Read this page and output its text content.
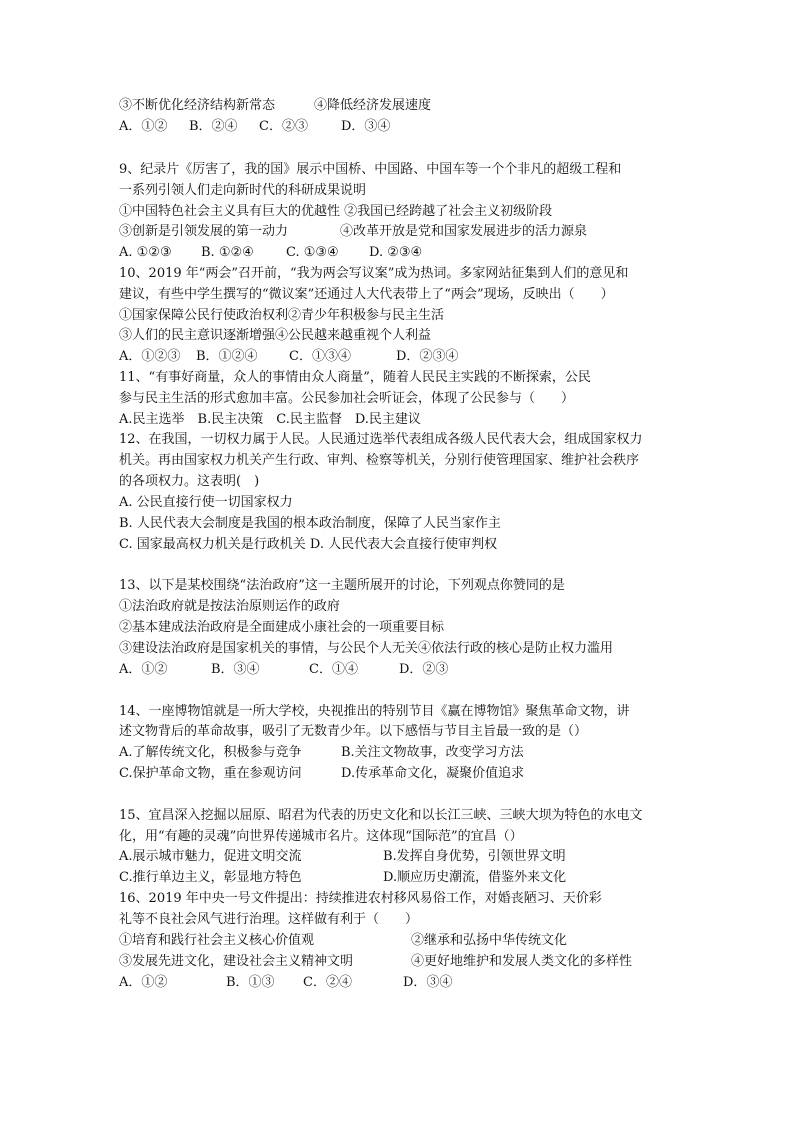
③不断优化经济结构新常态　　　④降低经济发展速度
A．①② B．②④ C．②③	D．③④
9、纪录片《厉害了，我的国》展示中国桥、中国路、中国车等一个个非凡的超级工程和
一系列引领人们走向新时代的科研成果说明
①中国特色社会主义具有巨大的优越性 ②我国已经跨越了社会主义初级阶段
③创新是引领发展的第一动力　　　　④改革开放是党和国家发展进步的活力源泉
A. ①②③ B. ①②④ C. ①③④ D. ②③④
10、2019 年“两会”召开前，“我为两会写议案”成为热词。多家网站征集到人们的意见和
建议，有些中学生撰写的“微议案”还通过人大代表带上了“两会”现场，反映出（　　）
①国家保障公民行使政治权利②青少年积极参与民主生活
③人们的民主意识逐渐增强④公民越来越重视个人利益
A．①②③ B．①②④ C．①③④	D．②③④
11、“有事好商量，众人的事情由众人商量”，随着人民民主实践的不断探索，公民
参与民主生活的形式愈加丰富。公民参加社会听证会，体现了公民参与（　　）
A.民主选举　B.民主决策　C.民主监督　D.民主建议
12、在我国，一切权力属于人民。人民通过选举代表组成各级人民代表大会，组成国家权力
机关。再由国家权力机关产生行政、审判、检察等机关，分别行使管理国家、维护社会秩序
的各项权力。这表明(　)
A. 公民直接行使一切国家权力
B. 人民代表大会制度是我国的根本政治制度，保障了人民当家作主
C. 国家最高权力机关是行政机关 D. 人民代表大会直接行使审判权
13、以下是某校围绕“法治政府”这一主题所展开的讨论，下列观点你赞同的是
①法治政府就是按法治原则运作的政府
②基本建成法治政府是全面建成小康社会的一项重要目标
③建设法治政府是国家机关的事情，与公民个人无关④依法行政的核心是防止权力滥用
A．①②	B．③④	C．①④	D．②③
14、一座博物馆就是一所大学校，央视推出的特别节目《赢在博物馆》聚焦革命文物，讲
述文物背后的革命故事，吸引了无数青少年。以下感悟与节目主旨最一致的是（）
A.了解传统文化，积极参与竞争	B.关注文物故事，改变学习方法
C.保护革命文物，重在参观访问	D.传承革命文化，凝聚价值追求
15、宜昌深入挖掘以屈原、昭君为代表的历史文化和以长江三峡、三峡大坝为特色的水电文
化，用“有趣的灵魂”向世界传递城市名片。这体现“国际范”的宜昌（）
A.展示城市魅力，促进文明交流	B.发挥自身优势，引领世界文明
C.推行单边主义，彰显地方特色	D.顺应历史潮流，借鉴外来文化
16、2019 年中央一号文件提出：持续推进农村移风易俗工作，对婚丧陋习、天价彩
礼等不良社会风气进行治理。这样做有利于（　　）
①培育和践行社会主义核心价值观	②继承和弘扬中华传统文化
③发展先进文化，建设社会主义精神文明	④更好地维护和发展人类文化的多样性
A．①②	B．①③ C．②④	D．③④
